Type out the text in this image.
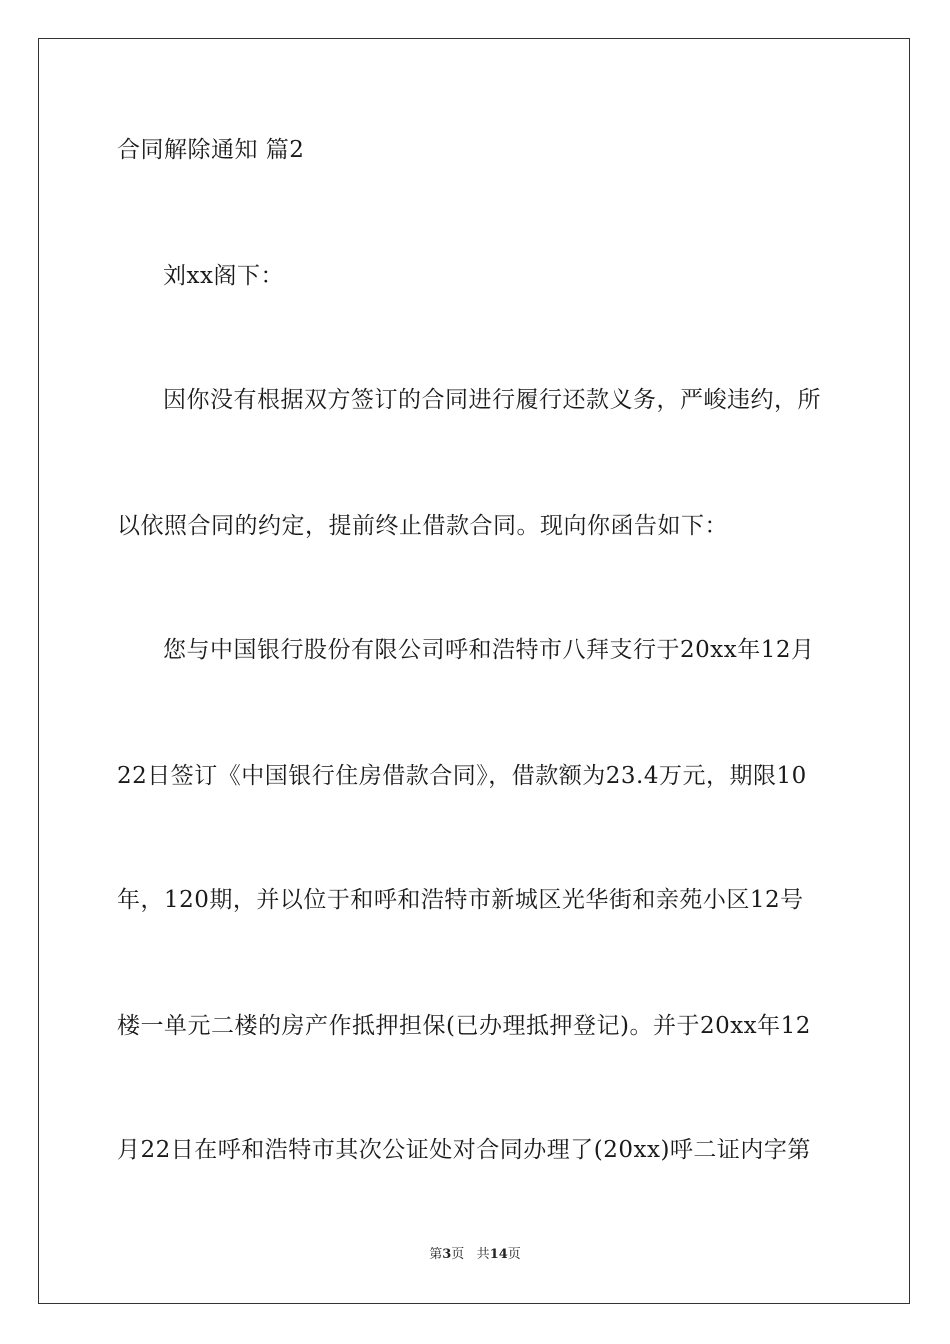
合同解除通知 篇2
刘xx阁下：
因你没有根据双方签订的合同进行履行还款义务，严峻违约，所
以依照合同的约定，提前终止借款合同。现向你函告如下：
您与中国银行股份有限公司呼和浩特市八拜支行于20xx年12月
22日签订《中国银行住房借款合同》，借款额为23.4万元，期限10
年，120期，并以位于和呼和浩特市新城区光华街和亲苑小区12号
楼一单元二楼的房产作抵押担保(已办理抵押登记)。并于20xx年12
月22日在呼和浩特市其次公证处对合同办理了(20xx)呼二证内字第
第3页 共14页
